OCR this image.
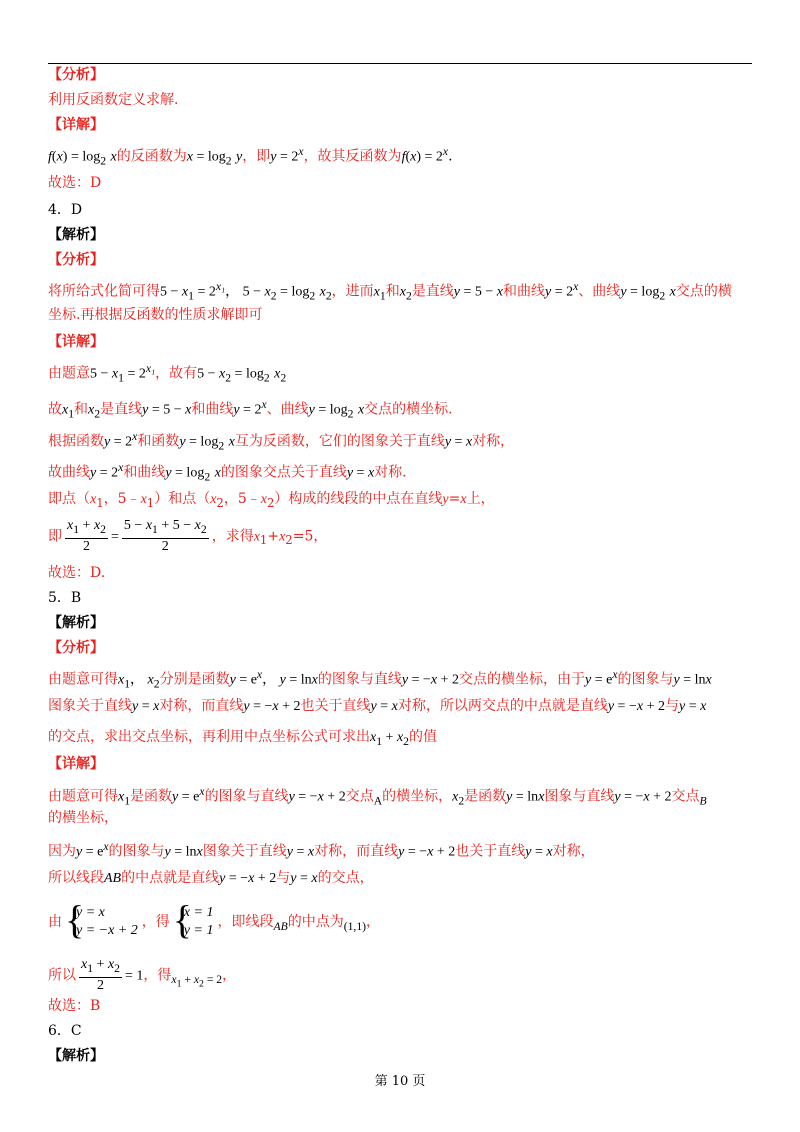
【分析】
利用反函数定义求解.
【详解】
$f(x) = \log_2 x$的反函数为$x = \log_2 y$，即$y = 2^x$，故其反函数为$f(x) = 2^x$.
故选：D
4．D
【解析】
【分析】
将所给式化简可得$5 - x_1 = 2^{x_1}$， $5 - x_2 = \log_2 x_2$，进而$x_1$和$x_2$是直线y = 5 − x和曲线$y = 2^x$、曲线$y = \log_2 x$交点的横
坐标.再根据反函数的性质求解即可
【详解】
由题意$5 - x_1 = 2^{x_1}$，故有$5 - x_2 = \log_2 x_2$
故$x_1$和$x_2$是直线y = 5 − x和曲线$y = 2^x$、曲线$y = \log_2 x$交点的横坐标.
根据函数$y = 2^x$和函数$y = \log_2 x$互为反函数，它们的图象关于直线y = x对称，
故曲线$y = 2^x$和曲线$y = \log_2 x$的图象交点关于直线y = x对称.
即点（$x_1$，$5﹣x_1$）和点（$x_2$，$5﹣x_2$）构成的线段的中点在直线y=x上，
即 $\frac{x_1 + x_2}{2} = \frac{5 - x_1 + 5 - x_2}{2}$ ，求得$x_1+x_2=5$，
故选：D.
5．B
【解析】
【分析】
由题意可得$x_1$， $x_2$分别是函数$y = e^x$， y = lnx的图象与直线y = −x + 2交点的横坐标，由于$y = e^x$的图象与y = lnx
图象关于直线y = x对称，而直线y = −x + 2也关于直线y = x对称，所以两交点的中点就是直线y = −x + 2与y = x
的交点，求出交点坐标，再利用中点坐标公式可求出$x_1 + x_2$的值
【详解】
由题意可得$x_1$是函数$y = e^x$的图象与直线y = −x + 2交点$_A$的横坐标，$x_2$是函数y = lnx图象与直线y = −x + 2交点$_B$
的横坐标，
因为$y = e^x$的图象与y = lnx图象关于直线y = x对称，而直线y = −x + 2也关于直线y = x对称，
所以线段AB的中点就是直线y = −x + 2与y = x的交点，
由
{ y = x
y = −x + 2
，得
{ x = 1
y = 1
，即线段$_{AB}$的中点为$_{(1,1)}$，
所以 $\frac{x_1 + x_2}{2} = 1$，得$_{x_1 + x_2 = 2}$，
故选：B
6．C
【解析】
第 10 页
